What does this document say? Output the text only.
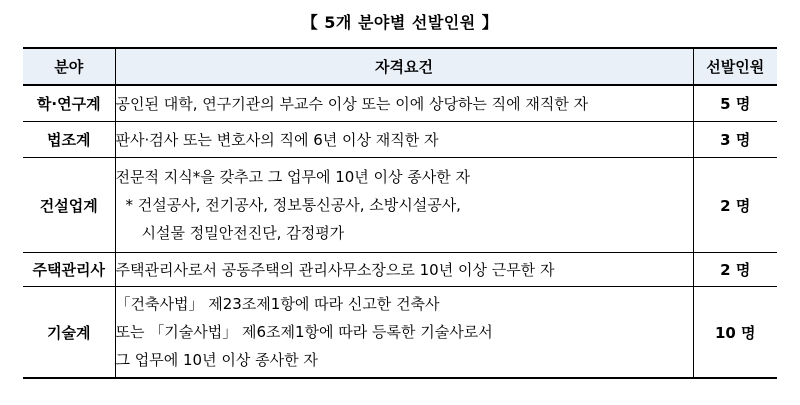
【 5개 분야별 선발인원 】
분야	자격요건	선발인원
학·연구계	공인된 대학, 연구기관의 부교수 이상 또는 이에 상당하는 직에 재직한 자	5 명
법조계	판사·검사 또는 변호사의 직에 6년 이상 재직한 자	3 명
건설업계	전문적 지식*을 갖추고 그 업무에 10년 이상 종사한 자
* 건설공사, 전기공사, 정보통신공사, 소방시설공사,
시설물 정밀안전진단, 감정평가	2 명
주택관리사	주택관리사로서 공동주택의 관리사무소장으로 10년 이상 근무한 자	2 명
기술계	「건축사법」 제23조제1항에 따라 신고한 건축사
또는 「기술사법」 제6조제1항에 따라 등록한 기술사로서
그 업무에 10년 이상 종사한 자	10 명
